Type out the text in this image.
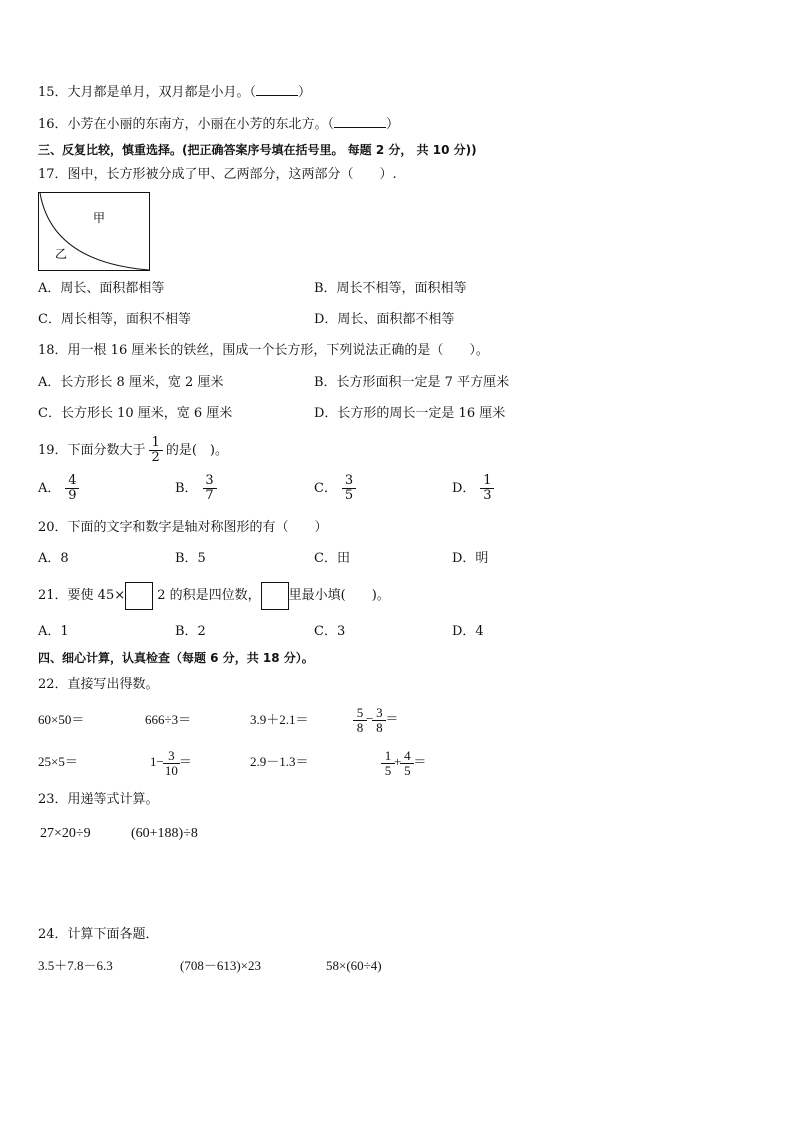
15．大月都是单月，双月都是小月。（	）
16．小芳在小丽的东南方，小丽在小芳的东北方。（	）
三、反复比较，慎重选择。(把正确答案序号填在括号里。 每题 2 分， 共 10 分))
17．图中，长方形被分成了甲、乙两部分，这两部分（　　）.
甲
乙
A．周长、面积都相等	B．周长不相等，面积相等
C．周长相等，面积不相等	D．周长、面积都不相等
18．用一根 16 厘米长的铁丝，围成一个长方形，下列说法正确的是（　　）。
A．长方形长 8 厘米，宽 2 厘米	B．长方形面积一定是 7 平方厘米
C．长方形长 10 厘米，宽 6 厘米	D．长方形的周长一定是 16 厘米
19．下面分数大于 $\frac{1}{2}$ 的是(　)。
A． $\frac{4}{9}$	B． $\frac{3}{7}$	C． $\frac{3}{5}$	D． $\frac{1}{3}$
20．下面的文字和数字是轴对称图形的有（　　）
A．8	B．5	C．田	D．明
21．要使 45× 2 的积是四位数， 里最小填(　　)。
A．1	B．2	C．3	D．4
四、细心计算，认真检查（每题 6 分，共 18 分）。
22．直接写出得数。
60×50＝	666÷3＝	3.9＋2.1＝	$\frac{5}{8} - \frac{3}{8}$ ＝
25×5＝	$1- \frac{3}{10}$ ＝	2.9－1.3＝	$\frac{1}{5} + \frac{4}{5}$ ＝
23．用递等式计算。
27×20÷9	(60+188)÷8
24．计算下面各题．
3.5＋7.8－6.3	(708－613)×23	58×(60÷4)
